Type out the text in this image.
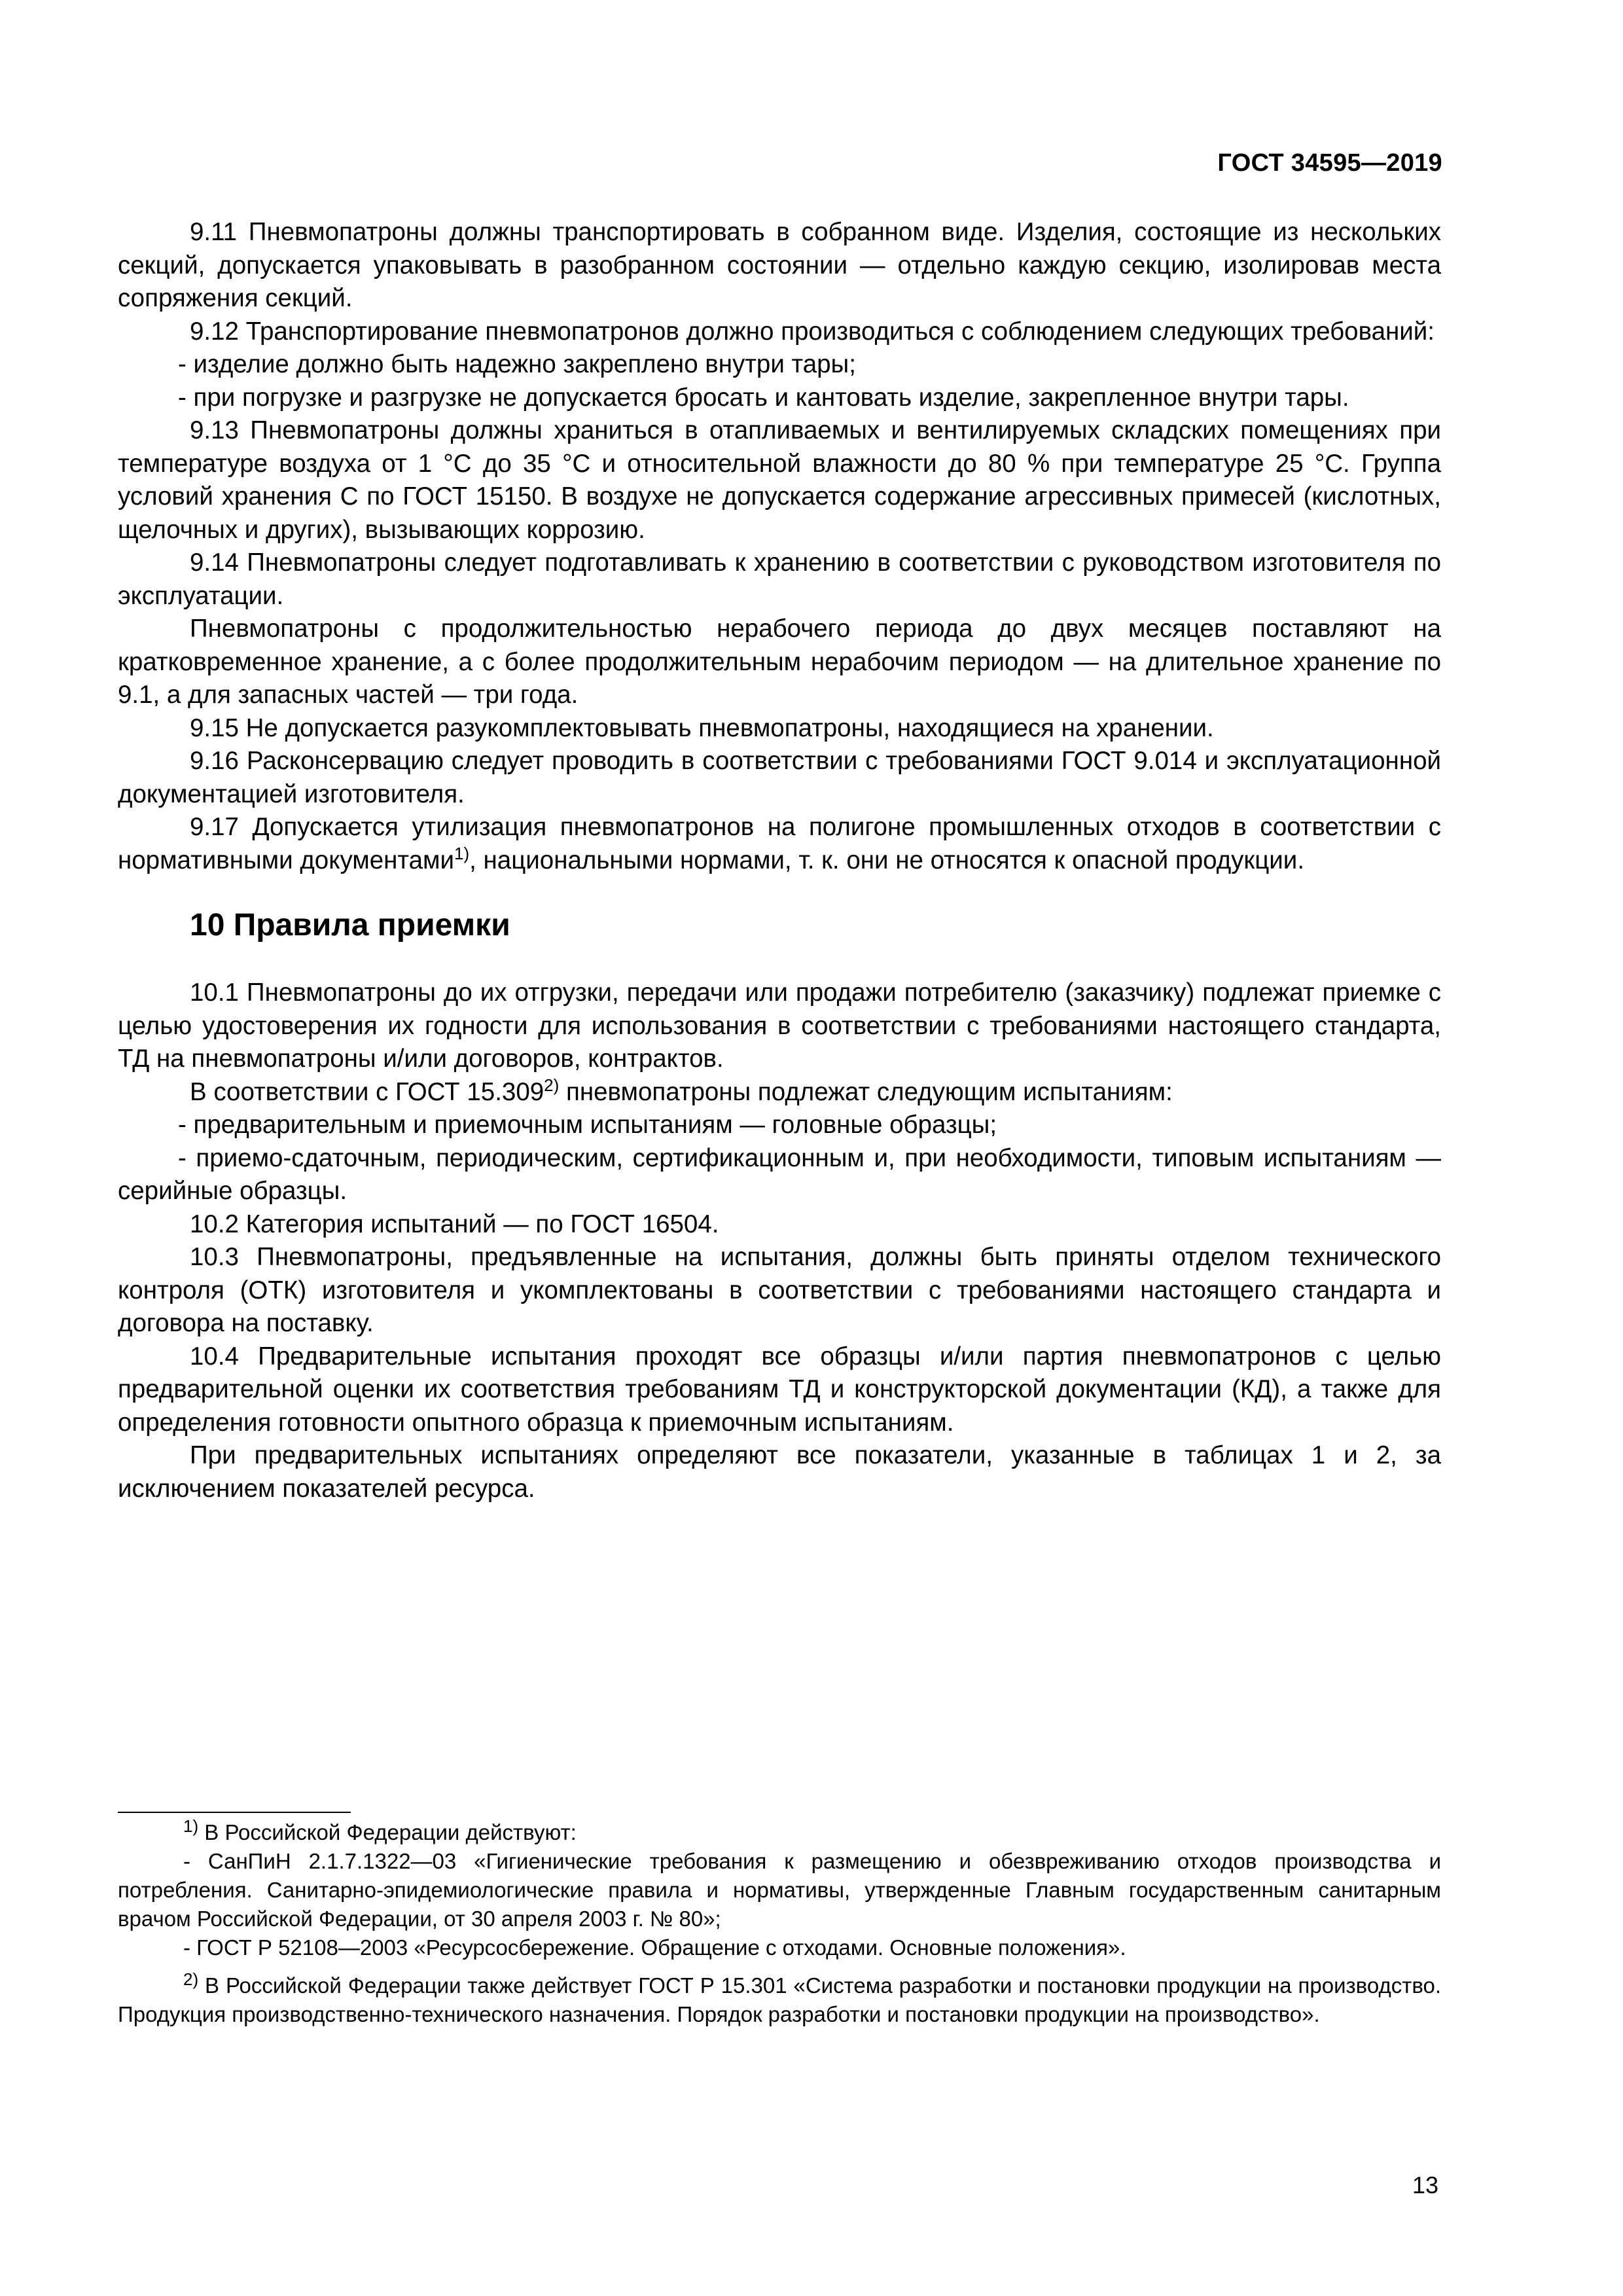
ГОСТ 34595—2019

9.11 Пневмопатроны должны транспортировать в собранном виде. Изделия, состоящие из нескольких секций, допускается упаковывать в разобранном состоянии — отдельно каждую секцию, изолировав места сопряжения секций.

9.12 Транспортирование пневмопатронов должно производиться с соблюдением следующих требований:

- изделие должно быть надежно закреплено внутри тары;

- при погрузке и разгрузке не допускается бросать и кантовать изделие, закрепленное внутри тары.

9.13 Пневмопатроны должны храниться в отапливаемых и вентилируемых складских помещениях при температуре воздуха от 1 °С до 35 °С и относительной влажности до 80 % при температуре 25 °С. Группа условий хранения С по ГОСТ 15150. В воздухе не допускается содержание агрессивных примесей (кислотных, щелочных и других), вызывающих коррозию.

9.14 Пневмопатроны следует подготавливать к хранению в соответствии с руководством изготовителя по эксплуатации.

Пневмопатроны с продолжительностью нерабочего периода до двух месяцев поставляют на кратковременное хранение, а с более продолжительным нерабочим периодом — на длительное хранение по 9.1, а для запасных частей — три года.

9.15 Не допускается разукомплектовывать пневмопатроны, находящиеся на хранении.

9.16 Расконсервацию следует проводить в соответствии с требованиями ГОСТ 9.014 и эксплуатационной документацией изготовителя.

9.17 Допускается утилизация пневмопатронов на полигоне промышленных отходов в соответствии с нормативными документами$^{1)}$, национальными нормами, т. к. они не относятся к опасной продукции.

10 Правила приемки

10.1 Пневмопатроны до их отгрузки, передачи или продажи потребителю (заказчику) подлежат приемке с целью удостоверения их годности для использования в соответствии с требованиями настоящего стандарта, ТД на пневмопатроны и/или договоров, контрактов.

В соответствии с ГОСТ 15.309$^{2)}$ пневмопатроны подлежат следующим испытаниям:

- предварительным и приемочным испытаниям — головные образцы;

- приемо-сдаточным, периодическим, сертификационным и, при необходимости, типовым испытаниям — серийные образцы.

10.2 Категория испытаний — по ГОСТ 16504.

10.3 Пневмопатроны, предъявленные на испытания, должны быть приняты отделом технического контроля (ОТК) изготовителя и укомплектованы в соответствии с требованиями настоящего стандарта и договора на поставку.

10.4 Предварительные испытания проходят все образцы и/или партия пневмопатронов с целью предварительной оценки их соответствия требованиям ТД и конструкторской документации (КД), а также для определения готовности опытного образца к приемочным испытаниям.

При предварительных испытаниях определяют все показатели, указанные в таблицах 1 и 2, за исключением показателей ресурса.

$^{1)}$ В Российской Федерации действуют:

- СанПиН 2.1.7.1322—03 «Гигиенические требования к размещению и обезвреживанию отходов производства и потребления. Санитарно-эпидемиологические правила и нормативы, утвержденные Главным государственным санитарным врачом Российской Федерации, от 30 апреля 2003 г. № 80»;

- ГОСТ Р 52108—2003 «Ресурсосбережение. Обращение с отходами. Основные положения».

$^{2)}$ В Российской Федерации также действует ГОСТ Р 15.301 «Система разработки и постановки продукции на производство. Продукция производственно-технического назначения. Порядок разработки и постановки продукции на производство».

13
